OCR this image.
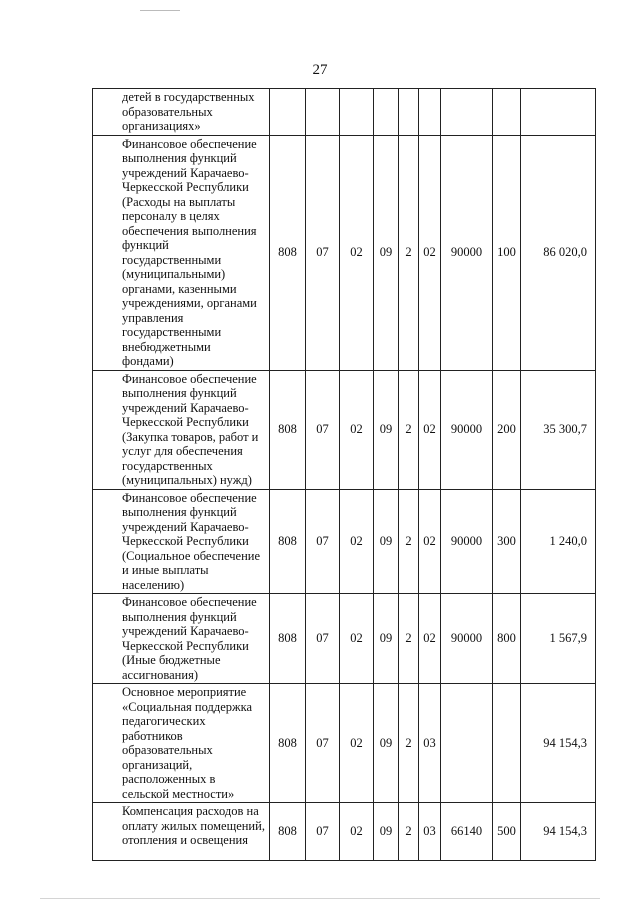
27
детей в государственных образовательных организациях»									
Финансовое обеспечение выполнения функций учреждений Карачаево-Черкесской Республики (Расходы на выплаты персоналу в целях обеспечения выполнения функций государственными (муниципальными) органами, казенными учреждениями, органами управления государственными внебюджетными фондами)	808	07	02	09	2	02	90000	100	86 020,0
Финансовое обеспечение выполнения функций учреждений Карачаево-Черкесской Республики (Закупка товаров, работ и услуг для обеспечения государственных (муниципальных) нужд)	808	07	02	09	2	02	90000	200	35 300,7
Финансовое обеспечение выполнения функций учреждений Карачаево-Черкесской Республики (Социальное обеспечение и иные выплаты населению)	808	07	02	09	2	02	90000	300	1 240,0
Финансовое обеспечение выполнения функций учреждений Карачаево-Черкесской Республики (Иные бюджетные ассигнования)	808	07	02	09	2	02	90000	800	1 567,9
Основное мероприятие «Социальная поддержка педагогических работников образовательных организаций, расположенных в сельской местности»	808	07	02	09	2	03			94 154,3
Компенсация расходов на оплату жилых помещений, отопления и освещения	808	07	02	09	2	03	66140	500	94 154,3
